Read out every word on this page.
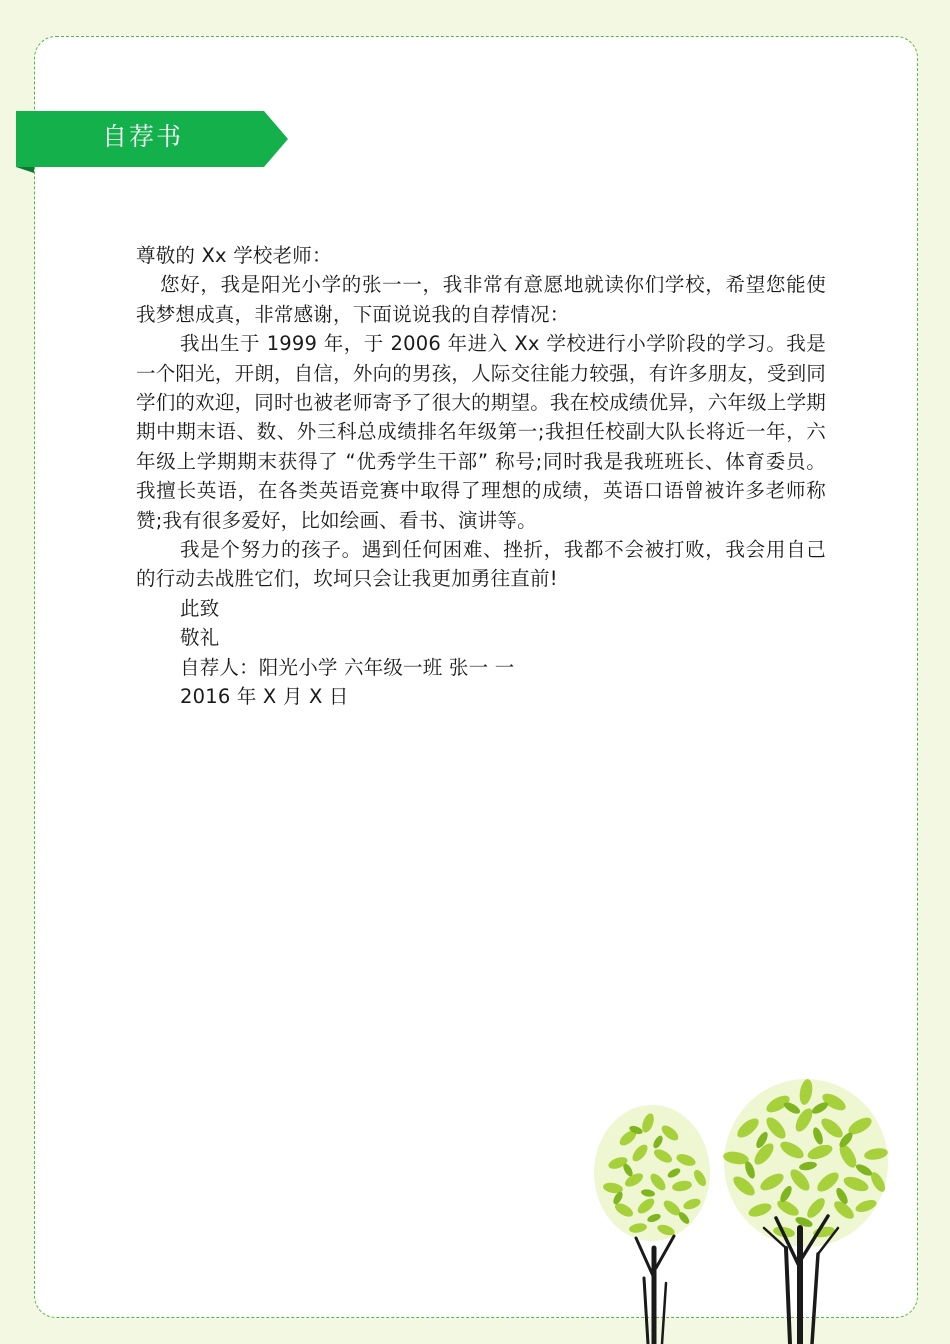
自荐书

尊敬的 Xx 学校老师：

您好，我是阳光小学的张一一，我非常有意愿地就读你们学校，希望您能使我梦想成真，非常感谢，下面说说我的自荐情况：

我出生于 1999 年，于 2006 年进入 Xx 学校进行小学阶段的学习。我是一个阳光，开朗，自信，外向的男孩，人际交往能力较强，有许多朋友，受到同学们的欢迎，同时也被老师寄予了很大的期望。我在校成绩优异，六年级上学期期中期末语、数、外三科总成绩排名年级第一;我担任校副大队长将近一年，六年级上学期期末获得了 “优秀学生干部” 称号;同时我是我班班长、体育委员。我擅长英语，在各类英语竞赛中取得了理想的成绩，英语口语曾被许多老师称赞;我有很多爱好，比如绘画、看书、演讲等。

我是个努力的孩子。遇到任何困难、挫折，我都不会被打败，我会用自己的行动去战胜它们，坎坷只会让我更加勇往直前!

此致

敬礼

自荐人：阳光小学 六年级一班 张一 一

2016 年 X 月 X 日
